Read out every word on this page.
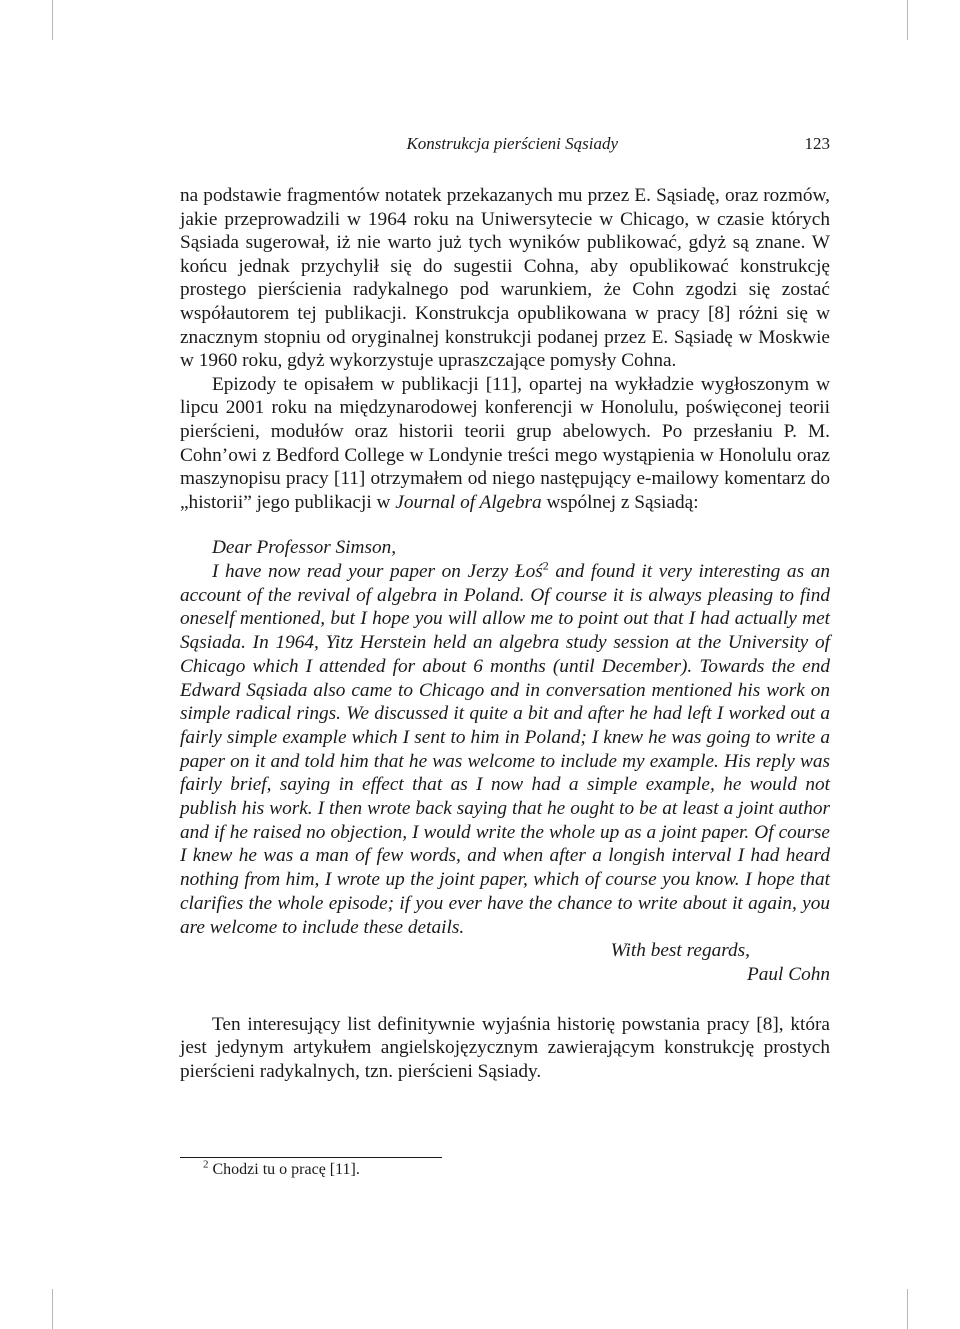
Konstrukcja pierścieni Sąsiady	123

na podstawie fragmentów notatek przekazanych mu przez E. Sąsiadę, oraz rozmów, jakie przeprowadzili w 1964 roku na Uniwersytecie w Chicago, w czasie których Sąsiada sugerował, iż nie warto już tych wyników publikować, gdyż są znane. W końcu jednak przychylił się do sugestii Cohna, aby opublikować konstrukcję prostego pierścienia radykalnego pod warunkiem, że Cohn zgodzi się zostać współautorem tej publikacji. Konstrukcja opublikowana w pracy [8] różni się w znacznym stopniu od oryginalnej konstrukcji podanej przez E. Sąsiadę w Moskwie w 1960 roku, gdyż wykorzystuje upraszczające pomysły Cohna.

Epizody te opisałem w publikacji [11], opartej na wykładzie wygłoszonym w lipcu 2001 roku na międzynarodowej konferencji w Honolulu, poświęconej teorii pierścieni, modułów oraz historii teorii grup abelowych. Po przesłaniu P. M. Cohn’owi z Bedford College w Londynie treści mego wystąpienia w Honolulu oraz maszynopisu pracy [11] otrzymałem od niego następujący e-mailowy komentarz do „historii” jego publikacji w Journal of Algebra wspólnej z Sąsiadą:

Dear Professor Simson,

I have now read your paper on Jerzy Łoś$^2$ and found it very interesting as an account of the revival of algebra in Poland. Of course it is always pleasing to find oneself mentioned, but I hope you will allow me to point out that I had actually met Sąsiada. In 1964, Yitz Herstein held an algebra study session at the University of Chicago which I attended for about 6 months (until December). Towards the end Edward Sąsiada also came to Chicago and in conversation mentioned his work on simple radical rings. We discussed it quite a bit and after he had left I worked out a fairly simple example which I sent to him in Poland; I knew he was going to write a paper on it and told him that he was welcome to include my example. His reply was fairly brief, saying in effect that as I now had a simple example, he would not publish his work. I then wrote back saying that he ought to be at least a joint author and if he raised no objection, I would write the whole up as a joint paper. Of course I knew he was a man of few words, and when after a longish interval I had heard nothing from him, I wrote up the joint paper, which of course you know. I hope that clarifies the whole episode; if you ever have the chance to write about it again, you are welcome to include these details.

With best regards,

Paul Cohn

Ten interesujący list definitywnie wyjaśnia historię powstania pracy [8], która jest jedynym artykułem angielskojęzycznym zawierającym konstrukcję prostych pierścieni radykalnych, tzn. pierścieni Sąsiady.

$^2$ Chodzi tu o pracę [11].
